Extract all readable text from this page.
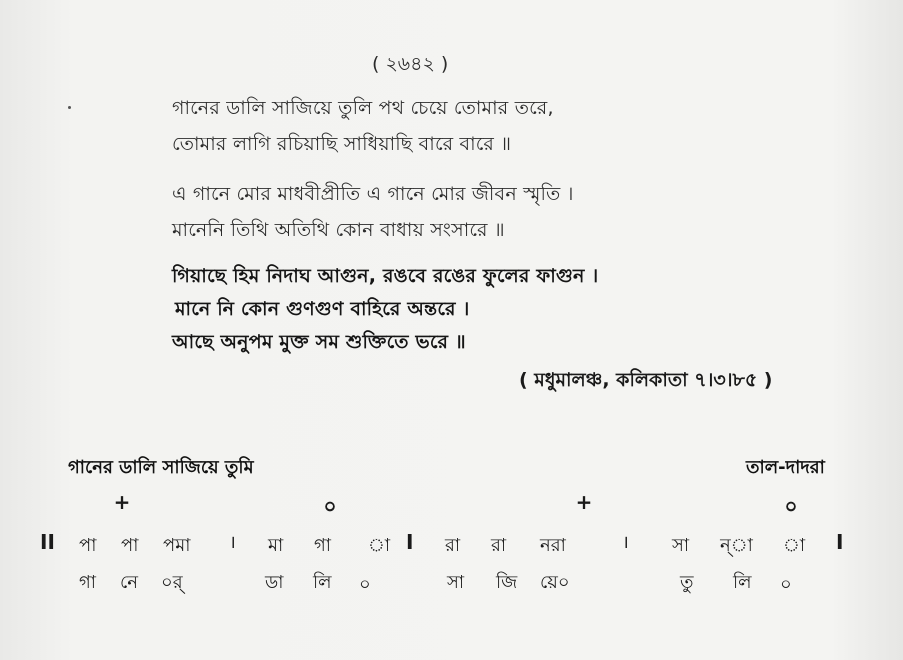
( ২৬৪২ )
গানের ডালি সাজিয়ে তুলি পথ চেয়ে তোমার তরে,
তোমার লাগি রচিয়াছি সাধিয়াছি বারে বারে ॥
এ গানে মোর মাধবীপ্রীতি এ গানে মোর জীবন স্মৃতি ।
মানেনি তিথি অতিথি কোন বাধায় সংসারে ॥
গিয়াছে হিম নিদাঘ আগুন, রঙবে রঙের ফুলের ফাগুন ।
মানে নি কোন গুণগুণ বাহিরে অন্তরে ।
আছে অনুপম মুক্ত সম শুক্তিতে ভরে ॥
( মধুমালঞ্চ, কলিকাতা ৭।৩।৮৫ )
গানের ডালি সাজিয়ে তুমি	তাল-দাদরা
+	০	+	০
II পা পা পমা । মা গা া I রা রা নরা	। সা ন্া া I
গা নে ০র্	ডা লি ০	সা জি য়ে০	তু লি ০
